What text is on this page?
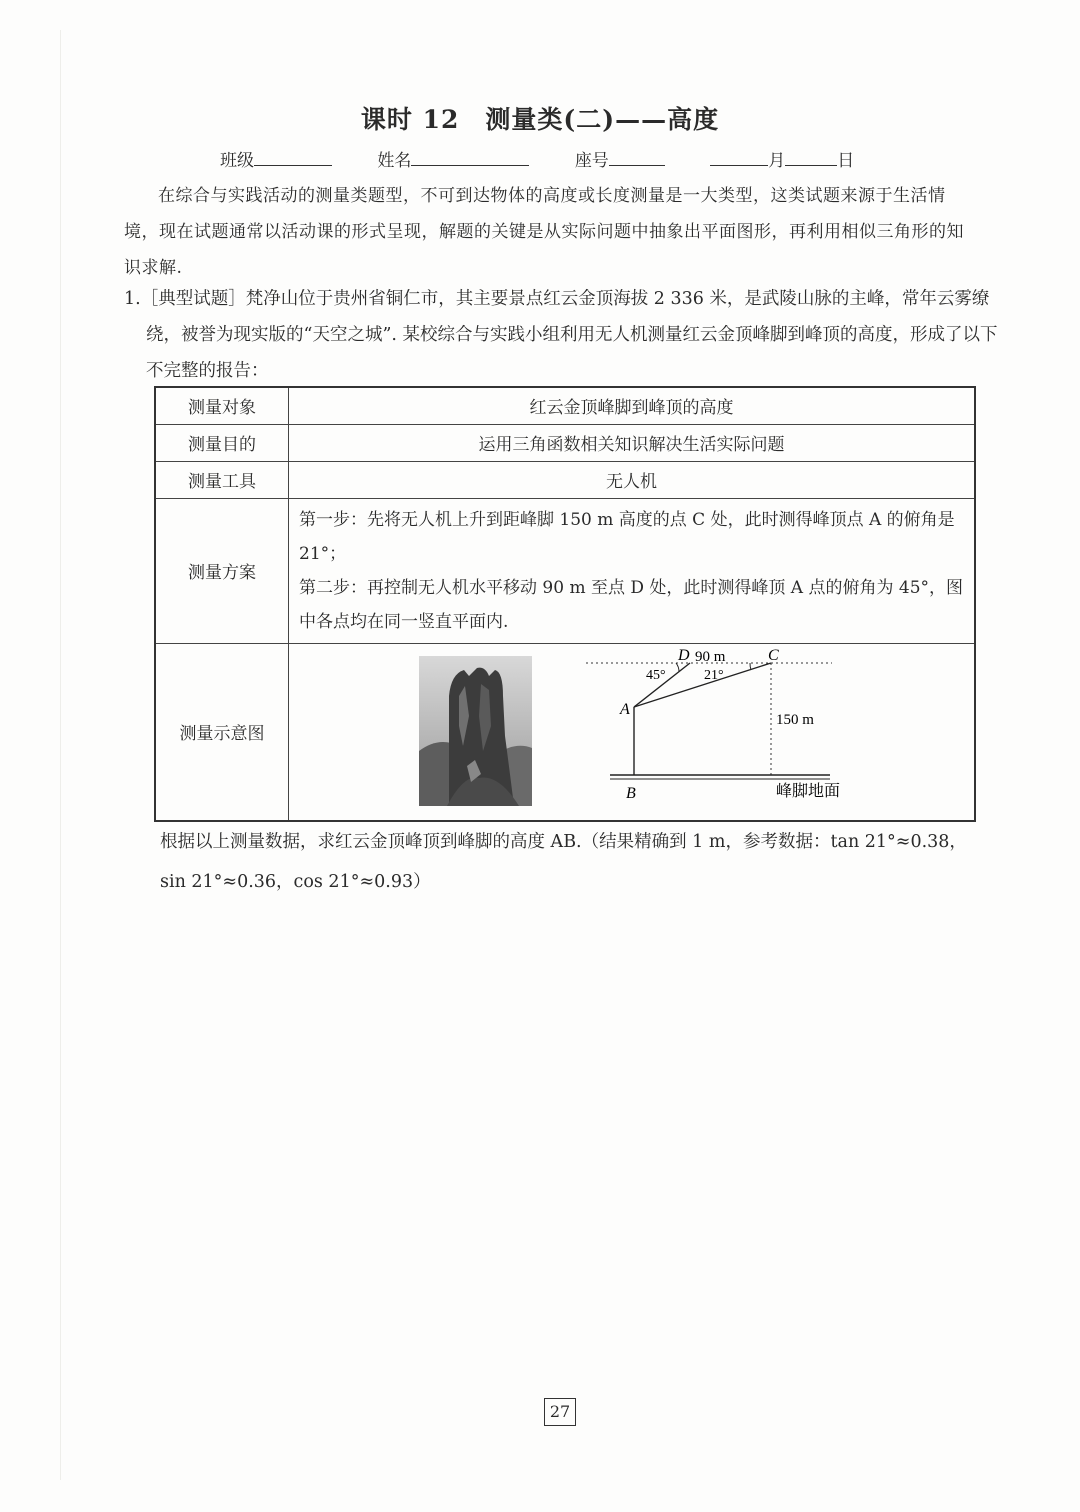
课时 12　测量类(二)——高度
班级	姓名	座号	月	日
在综合与实践活动的测量类题型，不可到达物体的高度或长度测量是一大类型，这类试题来源于生活情境，现在试题通常以活动课的形式呈现，解题的关键是从实际问题中抽象出平面图形，再利用相似三角形的知识求解.
1.［典型试题］梵净山位于贵州省铜仁市，其主要景点红云金顶海拔 2 336 米，是武陵山脉的主峰，常年云雾缭绕，被誉为现实版的“天空之城”. 某校综合与实践小组利用无人机测量红云金顶峰脚到峰顶的高度，形成了以下不完整的报告：
测量对象	红云金顶峰脚到峰顶的高度
测量目的	运用三角函数相关知识解决生活实际问题
测量工具	无人机
测量方案	第一步：先将无人机上升到距峰脚 150 m 高度的点 C 处，此时测得峰顶点 A 的俯角是 21°；
第二步：再控制无人机水平移动 90 m 至点 D 处，此时测得峰顶 A 点的俯角为 45°，图中各点均在同一竖直平面内.

测量示意图	
D 90 m	C
45°	21°
A
150 m
B	峰脚地面
根据以上测量数据，求红云金顶峰顶到峰脚的高度 AB.（结果精确到 1 m，参考数据：tan 21°≈0.38，sin 21°≈0.36，cos 21°≈0.93）
27
